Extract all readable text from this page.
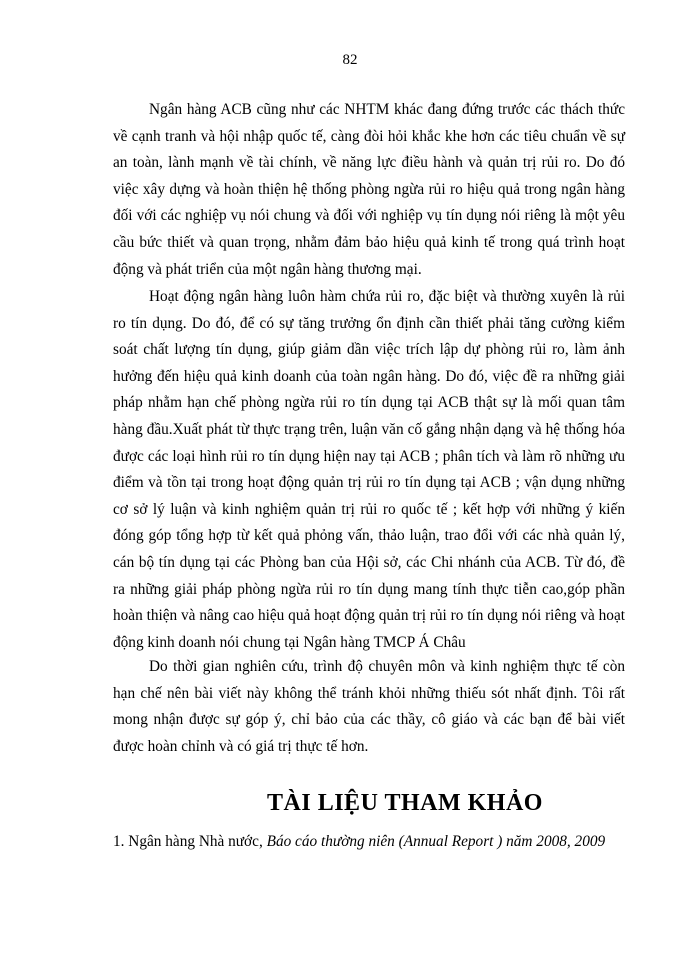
82

Ngân hàng ACB cũng như các NHTM khác đang đứng trước các thách thức về cạnh tranh và hội nhập quốc tế, càng đòi hỏi khắc khe hơn các tiêu chuẩn về sự an toàn, lành mạnh về tài chính, về năng lực điều hành và quản trị rủi ro. Do đó việc xây dựng và hoàn thiện hệ thống phòng ngừa rủi ro hiệu quả trong ngân hàng đối với các nghiệp vụ nói chung và đối với nghiệp vụ tín dụng nói riêng là một yêu cầu bức thiết và quan trọng, nhằm đảm bảo hiệu quả kinh tế trong quá trình hoạt động và phát triển của một ngân hàng thương mại.

Hoạt động ngân hàng luôn hàm chứa rủi ro, đặc biệt và thường xuyên là rủi ro tín dụng. Do đó, để có sự tăng trưởng ổn định cần thiết phải tăng cường kiểm soát chất lượng tín dụng, giúp giảm dần việc trích lập dự phòng rủi ro, làm ảnh hưởng đến hiệu quả kinh doanh của toàn ngân hàng. Do đó, việc đề ra những giải pháp nhằm hạn chế phòng ngừa rủi ro tín dụng tại ACB thật sự là mối quan tâm hàng đầu.Xuất phát từ thực trạng trên, luận văn cố gắng nhận dạng và hệ thống hóa được các loại hình rủi ro tín dụng hiện nay tại ACB ; phân tích và làm rõ những ưu điểm và tồn tại trong hoạt động quản trị rủi ro tín dụng tại ACB ; vận dụng những cơ sở lý luận và kinh nghiệm quản trị rủi ro quốc tế ; kết hợp với những ý kiến đóng góp tổng hợp từ kết quả phỏng vấn, thảo luận, trao đổi với các nhà quản lý, cán bộ tín dụng tại các Phòng ban của Hội sở, các Chi nhánh của ACB. Từ đó, đề ra những giải pháp phòng ngừa rủi ro tín dụng mang tính thực tiễn cao,góp phần hoàn thiện và nâng cao hiệu quả hoạt động quản trị rủi ro tín dụng nói riêng và hoạt động kinh doanh nói chung tại Ngân hàng TMCP Á Châu

Do thời gian nghiên cứu, trình độ chuyên môn và kinh nghiệm thực tế còn hạn chế nên bài viết này không thể tránh khỏi những thiếu sót nhất định. Tôi rất mong nhận được sự góp ý, chỉ bảo của các thầy, cô giáo và các bạn để bài viết được hoàn chỉnh và có giá trị thực tế hơn.

TÀI LIỆU THAM KHẢO

1. Ngân hàng Nhà nước, Báo cáo thường niên (Annual Report ) năm 2008, 2009
